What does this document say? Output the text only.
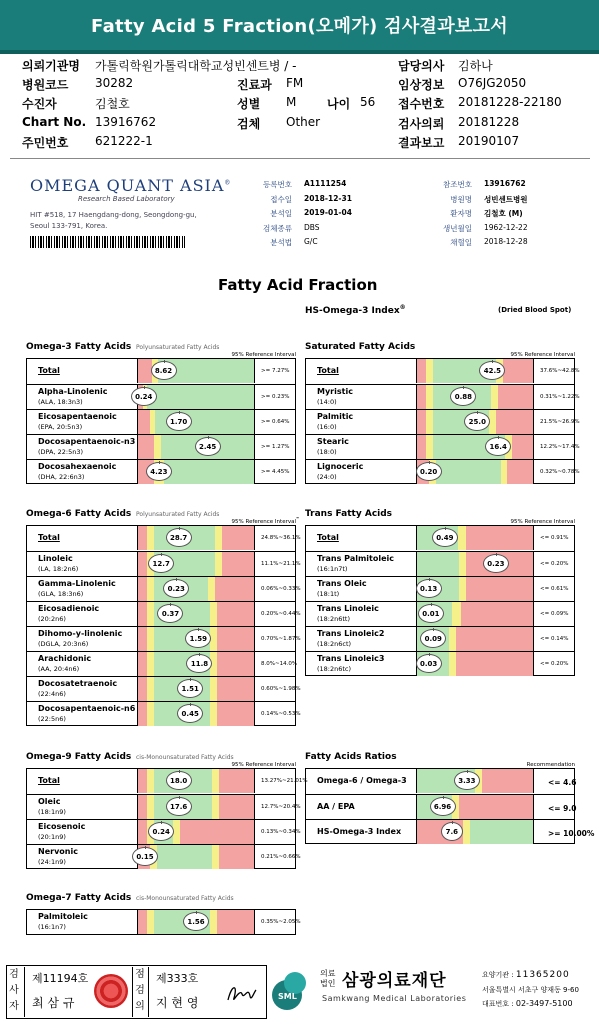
Fatty Acid 5 Fraction(오메가) 검사결과보고서
의뢰기관명 가톨릭학원가톨릭대학교성빈센트병 / -	담당의사 김하나
병원코드 30282	진료과 FM	임상정보 O76JG2050
수진자	김철호	성별 M	나이 56 접수번호 20181228-22180
Chart No. 13916762	검체 Other	검사의뢰 20181228
주민번호 621222-1	결과보고 20190107
OMEGA QUANT ASIA®
Research Based Laboratory
HIT #518, 17 Haengdang-dong, Seongdong-gu,
Seoul 133-791, Korea.
등록번호 A1111254
접수일 2018-12-31
분석일 2019-01-04
검체종류 DBS
분석법 G/C
참조번호 13916762
병원명 성빈센트병원
환자명 김철호 (M)
생년월일 1962-12-22
채혈일 2018-12-28
Fatty Acid Fraction
HS-Omega-3 Index®	(Dried Blood Spot)
Omega-3 Fatty Acids Polyunsaturated Fatty Acids
95% Reference Interval
Total	8.62	>= 7.27%
Alpha-Linolenic
(ALA, 18:3n3)
0.24	>= 0.23%
Eicosapentaenoic
(EPA, 20:5n3)
1.70	>= 0.64%
Docosapentaenoic-n3
(DPA, 22:5n3)
2.45	>= 1.27%
Docosahexaenoic
(DHA, 22:6n3)
4.23	>= 4.45%
Saturated Fatty Acids
95% Reference Interval
Total	42.5	37.6%~42.8%
Myristic
(14:0)
0.88	0.31%~1.22%
Palmitic
(16:0)
25.0	21.5%~26.9%
Stearic
(18:0)
16.4	12.2%~17.4%
Lignoceric
(24:0)
0.20	0.32%~0.78%
Omega-6 Fatty Acids Polyunsaturated Fatty Acids
95% Reference Interval
Total	28.7	24.8%~36.1%
Linoleic
(LA, 18:2n6)
12.7	11.1%~21.1%
Gamma-Linolenic
(GLA, 18:3n6)
0.23	0.06%~0.33%
Eicosadienoic
(20:2n6)
0.37	0.20%~0.44%
Dihomo-y-linolenic
(DGLA, 20:3n6)
1.59	0.70%~1.87%
Arachidonic
(AA, 20:4n6)
11.8	8.0%~14.0%
Docosatetraenoic
(22:4n6)
1.51	0.60%~1.98%
Docosapentaenoic-n6
(22:5n6)
0.45	0.14%~0.53%
Trans Fatty Acids
95% Reference Interval
Total	0.49	<= 0.91%
Trans Palmitoleic
(16:1n7t)
0.23	<= 0.20%
Trans Oleic
(18:1t)
0.13	<= 0.61%
Trans Linoleic
(18:2n6tt)
0.01	<= 0.09%
Trans Linoleic2
(18:2n6ct)
0.09	<= 0.14%
Trans Linoleic3
(18:2n6tc)
0.03	<= 0.20%
Omega-9 Fatty Acids cis-Monounsaturated Fatty Acids
95% Reference Interval
Total	18.0	13.27%~21.01%
Oleic
(18:1n9)
17.6	12.7%~20.4%
Eicosenoic
(20:1n9)
0.24	0.13%~0.34%
Nervonic
(24:1n9)
0.15	0.21%~0.66%
Fatty Acids Ratios
Recommendation
Omega-6 / Omega-3	3.33	<= 4.6
AA / EPA	6.96	<= 9.0
HS-Omega-3 Index	7.6	>= 10.00%
Omega-7 Fatty Acids cis-Monounsaturated Fatty Acids
Palmitoleic
(16:1n7)
1.56	0.35%~2.05%
-
검사자
제11194호
최 삼 규
점검의
제333호
지 현 영	SML
의료
법인 삼광의료재단
Samkwang Medical Laboratories
요양기관 : 11365200
서울특별시 서초구 양재동 9-60
대표번호 : 02-3497-5100
